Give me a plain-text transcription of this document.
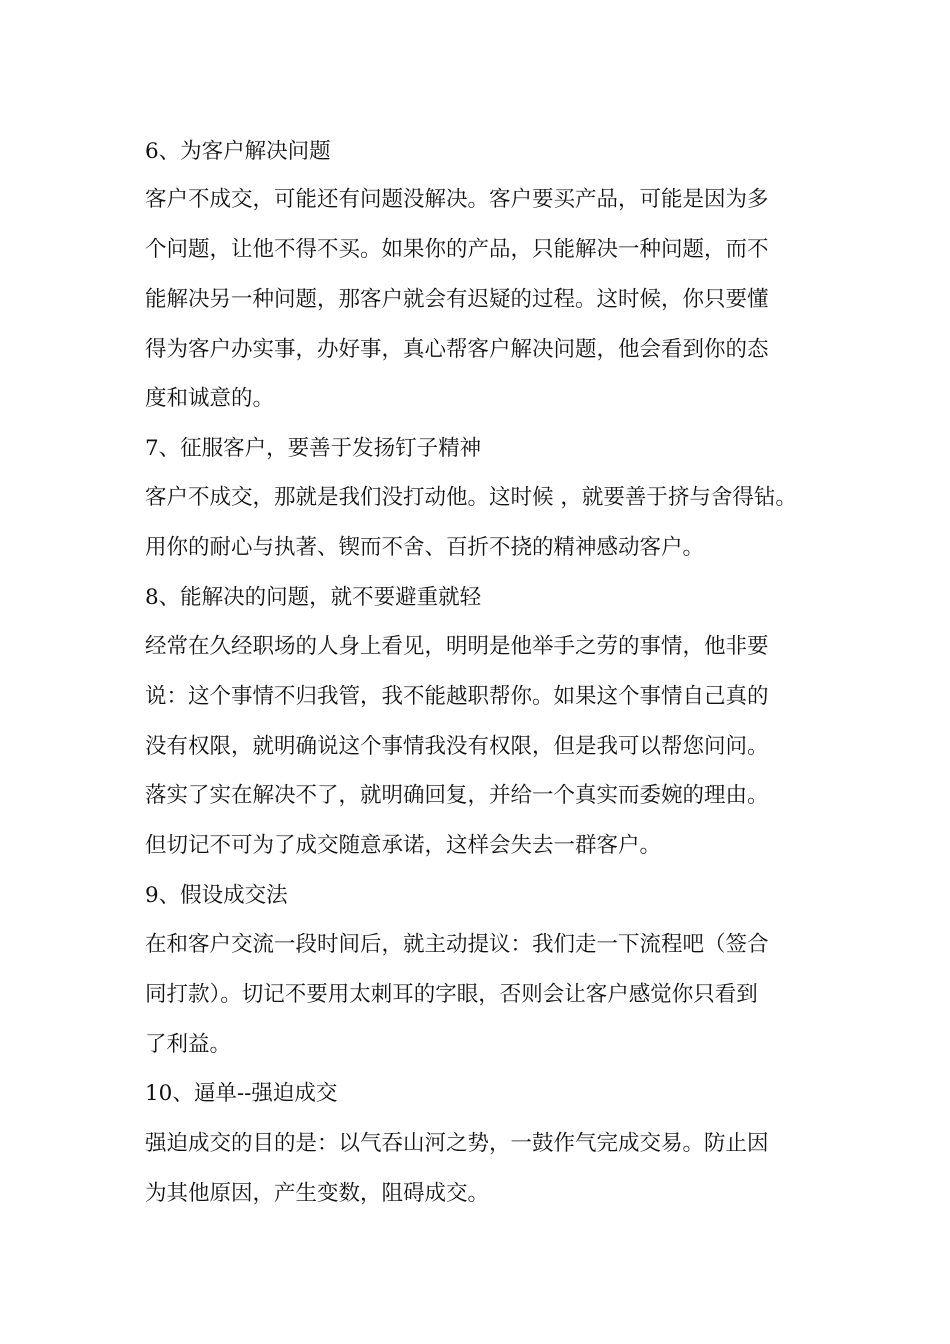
6、为客户解决问题

客户不成交，可能还有问题没解决。客户要买产品，可能是因为多

个问题，让他不得不买。如果你的产品，只能解决一种问题，而不

能解决另一种问题，那客户就会有迟疑的过程。这时候，你只要懂

得为客户办实事，办好事，真心帮客户解决问题，他会看到你的态

度和诚意的。

7、征服客户，要善于发扬钉子精神

客户不成交，那就是我们没打动他。这时候 ，就要善于挤与舍得钻。

用你的耐心与执著、锲而不舍、百折不挠的精神感动客户。

8、能解决的问题，就不要避重就轻

经常在久经职场的人身上看见，明明是他举手之劳的事情，他非要

说：这个事情不归我管，我不能越职帮你。如果这个事情自己真的

没有权限，就明确说这个事情我没有权限，但是我可以帮您问问。

落实了实在解决不了，就明确回复，并给一个真实而委婉的理由。

但切记不可为了成交随意承诺，这样会失去一群客户。

9、假设成交法

在和客户交流一段时间后，就主动提议：我们走一下流程吧（签合

同打款）。切记不要用太刺耳的字眼，否则会让客户感觉你只看到

了利益。

10、逼单--强迫成交

强迫成交的目的是：以气吞山河之势，一鼓作气完成交易。防止因

为其他原因，产生变数，阻碍成交。
